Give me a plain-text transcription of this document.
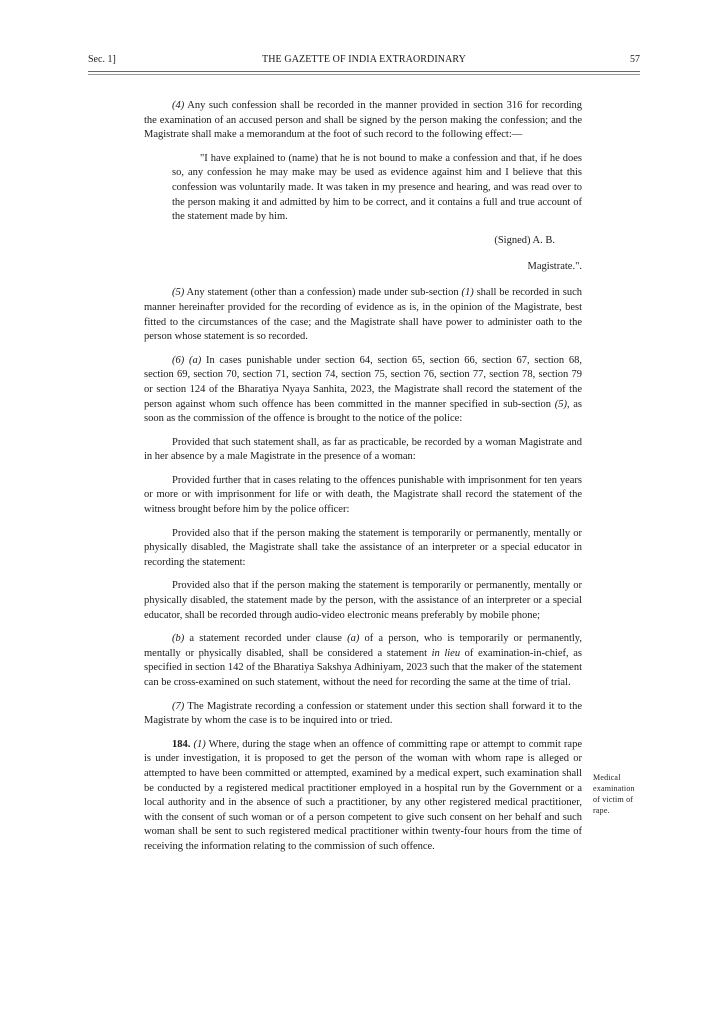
Sec. 1]	THE GAZETTE OF INDIA EXTRAORDINARY	57

(4) Any such confession shall be recorded in the manner provided in section 316 for recording the examination of an accused person and shall be signed by the person making the confession; and the Magistrate shall make a memorandum at the foot of such record to the following effect:—

"I have explained to (name) that he is not bound to make a confession and that, if he does so, any confession he may make may be used as evidence against him and I believe that this confession was voluntarily made. It was taken in my presence and hearing, and was read over to the person making it and admitted by him to be correct, and it contains a full and true account of the statement made by him.

(Signed) A. B.

Magistrate.".

(5) Any statement (other than a confession) made under sub-section (1) shall be recorded in such manner hereinafter provided for the recording of evidence as is, in the opinion of the Magistrate, best fitted to the circumstances of the case; and the Magistrate shall have power to administer oath to the person whose statement is so recorded.

(6) (a) In cases punishable under section 64, section 65, section 66, section 67, section 68, section 69, section 70, section 71, section 74, section 75, section 76, section 77, section 78, section 79 or section 124 of the Bharatiya Nyaya Sanhita, 2023, the Magistrate shall record the statement of the person against whom such offence has been committed in the manner specified in sub-section (5), as soon as the commission of the offence is brought to the notice of the police:

Provided that such statement shall, as far as practicable, be recorded by a woman Magistrate and in her absence by a male Magistrate in the presence of a woman:

Provided further that in cases relating to the offences punishable with imprisonment for ten years or more or with imprisonment for life or with death, the Magistrate shall record the statement of the witness brought before him by the police officer:

Provided also that if the person making the statement is temporarily or permanently, mentally or physically disabled, the Magistrate shall take the assistance of an interpreter or a special educator in recording the statement:

Provided also that if the person making the statement is temporarily or permanently, mentally or physically disabled, the statement made by the person, with the assistance of an interpreter or a special educator, shall be recorded through audio-video electronic means preferably by mobile phone;

(b) a statement recorded under clause (a) of a person, who is temporarily or permanently, mentally or physically disabled, shall be considered a statement in lieu of examination-in-chief, as specified in section 142 of the Bharatiya Sakshya Adhiniyam, 2023 such that the maker of the statement can be cross-examined on such statement, without the need for recording the same at the time of trial.

(7) The Magistrate recording a confession or statement under this section shall forward it to the Magistrate by whom the case is to be inquired into or tried.

184. (1) Where, during the stage when an offence of committing rape or attempt to commit rape is under investigation, it is proposed to get the person of the woman with whom rape is alleged or attempted to have been committed or attempted, examined by a medical expert, such examination shall be conducted by a registered medical practitioner employed in a hospital run by the Government or a local authority and in the absence of such a practitioner, by any other registered medical practitioner, with the consent of such woman or of a person competent to give such consent on her behalf and such woman shall be sent to such registered medical practitioner within twenty-four hours from the time of receiving the information relating to the commission of such offence.

Medical
examination
of victim of
rape.
